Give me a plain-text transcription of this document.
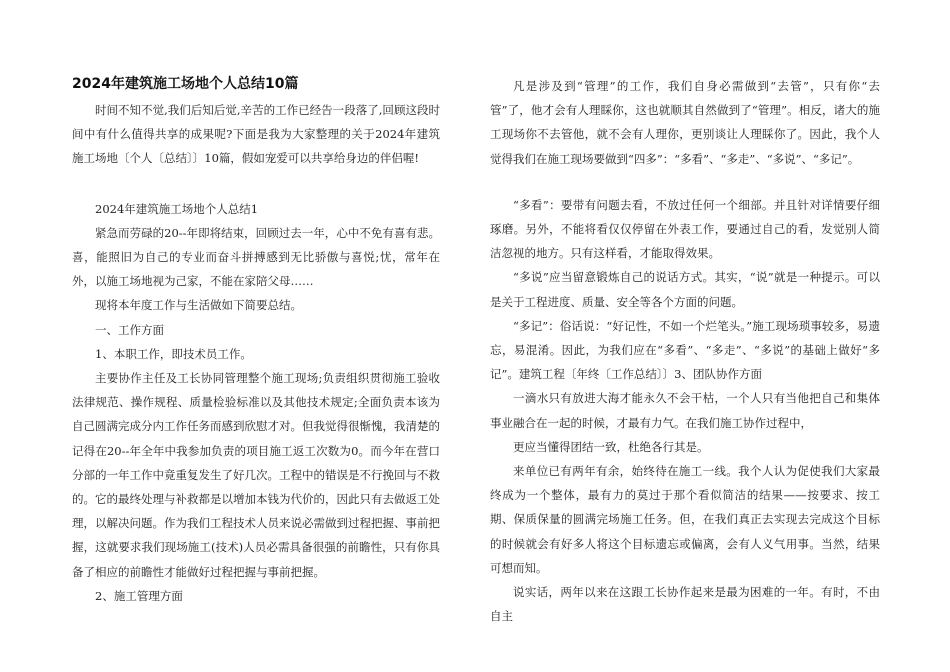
2024年建筑施工场地个人总结10篇

时间不知不觉,我们后知后觉,辛苦的工作已经告一段落了,回顾这段时间中有什么值得共享的成果呢?下面是我为大家整理的关于2024年建筑施工场地〔个人〔总结〕〕10篇，假如宠爱可以共享给身边的伴侣喔!

2024年建筑施工场地个人总结1

紧急而劳碌的20--年即将结束，回顾过去一年，心中不免有喜有悲。喜，能照旧为自己的专业而奋斗拼搏感到无比骄傲与喜悦;忧，常年在外，以施工场地视为己家，不能在家陪父母……

现将本年度工作与生活做如下简要总结。

一、工作方面

1、本职工作，即技术员工作。

主要协作主任及工长协同管理整个施工现场;负责组织贯彻施工验收法律规范、操作规程、质量检验标准以及其他技术规定;全面负责本该为自己圆满完成分内工作任务而感到欣慰才对。但我觉得很惭愧，我清楚的记得在20--年全年中我参加负责的项目施工返工次数为0。而今年在营口分部的一年工作中竟重复发生了好几次。工程中的错误是不行挽回与不救的。它的最终处理与补救都是以增加本钱为代价的，因此只有去做返工处理，以解决问题。作为我们工程技术人员来说必需做到过程把握、事前把握，这就要求我们现场施工(技术)人员必需具备很强的前瞻性，只有你具备了相应的前瞻性才能做好过程把握与事前把握。

2、施工管理方面

凡是涉及到“管理”的工作，我们自身必需做到“去管”，只有你“去管”了，他才会有人理睬你，这也就顺其自然做到了“管理”。相反，诸大的施工现场你不去管他，就不会有人理你，更别谈让人理睬你了。因此，我个人觉得我们在施工现场要做到“四多”：“多看”、“多走”、“多说”、“多记”。

“多看”：要带有问题去看，不放过任何一个细部。并且针对详情要仔细琢磨。另外，不能将看仅仅停留在外表工作，要通过自己的看，发觉别人简洁忽视的地方。只有这样看，才能取得效果。

“多说”应当留意锻炼自己的说话方式。其实，“说”就是一种提示。可以是关于工程进度、质量、安全等各个方面的问题。

“多记”：俗话说：“好记性，不如一个烂笔头。”施工现场琐事较多，易遗忘，易混淆。因此，为我们应在“多看”、“多走”、“多说”的基础上做好“多记”。建筑工程〔年终〔工作总结〕〕3、团队协作方面

一滴水只有放进大海才能永久不会干枯，一个人只有当他把自己和集体事业融合在一起的时候，才最有力气。在我们施工协作过程中，

更应当懂得团结一致，杜绝各行其是。

来单位已有两年有余，始终待在施工一线。我个人认为促使我们大家最终成为一个整体，最有力的莫过于那个看似简洁的结果——按要求、按工期、保质保量的圆满完场施工任务。但，在我们真正去实现去完成这个目标的时候就会有好多人将这个目标遗忘或偏离，会有人义气用事。当然，结果可想而知。

说实话，两年以来在这跟工长协作起来是最为困难的一年。有时，不由自主
